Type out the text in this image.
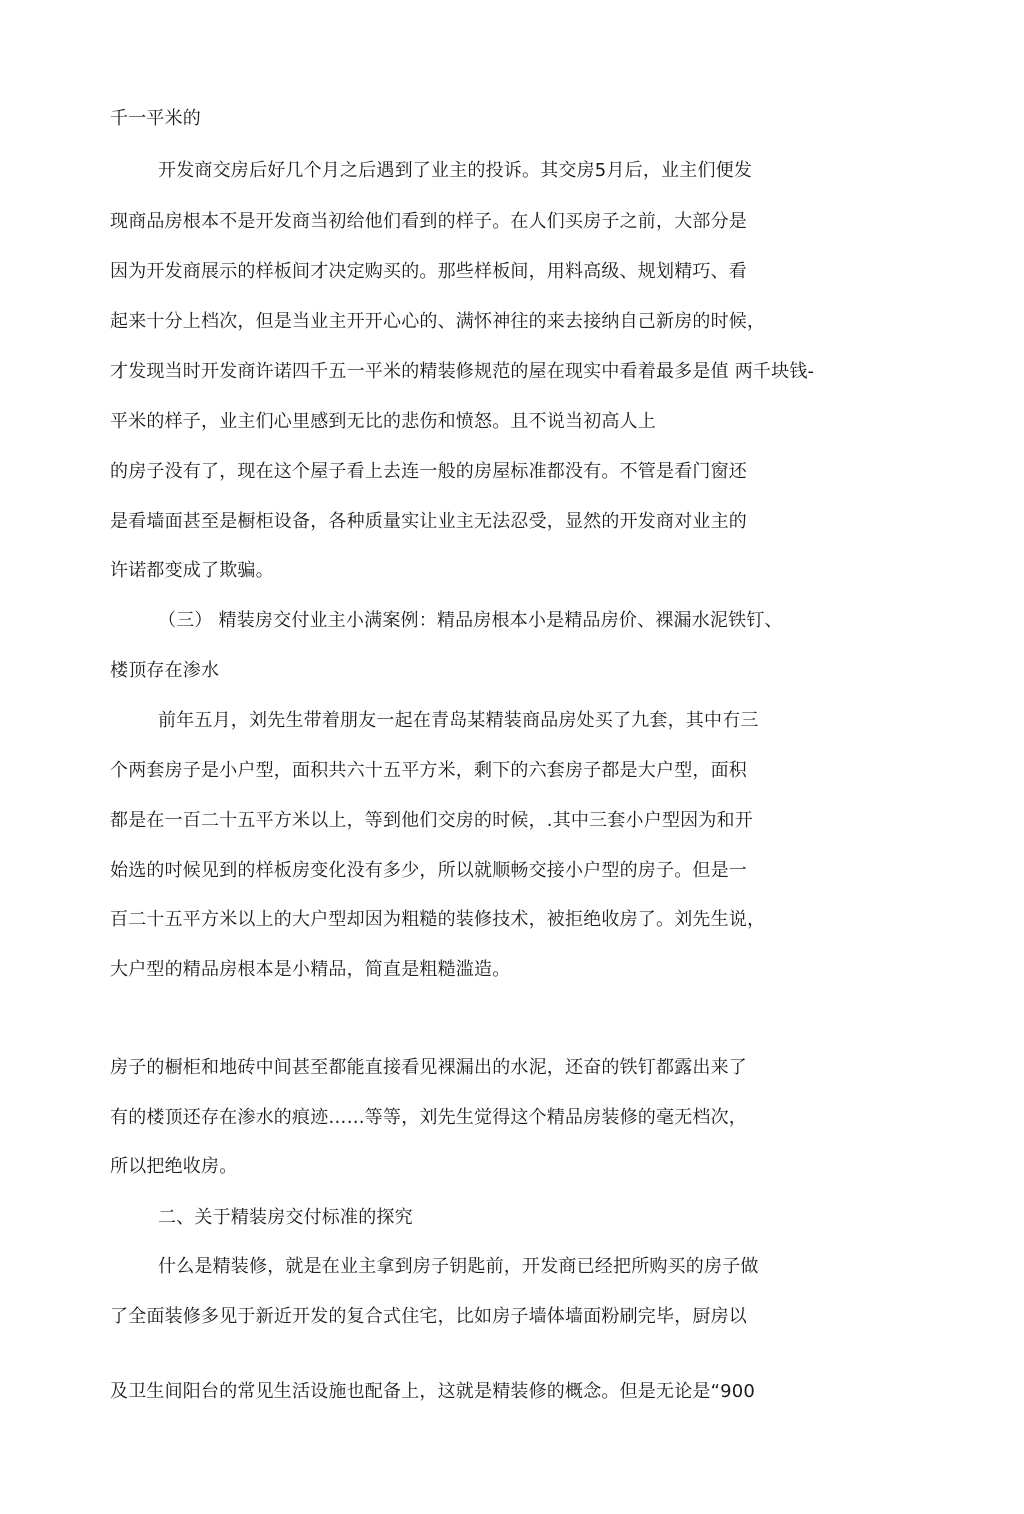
千一平米的
开发商交房后好几个月之后遇到了业主的投诉。其交房5月后，业主们便发
现商品房根本不是开发商当初给他们看到的样子。在人们买房子之前，大部分是
因为开发商展示的样板间才决定购买的。那些样板间，用料高级、规划精巧、看
起来十分上档次，但是当业主开开心心的、满怀神往的来去接纳自己新房的时候，
才发现当时开发商许诺四千五一平米的精装修规范的屋在现实中看着最多是值 两千块钱-
平米的样子，业主们心里感到无比的悲伤和愤怒。且不说当初高人上
的房子没有了，现在这个屋子看上去连一般的房屋标准都没有。不管是看门窗还
是看墙面甚至是橱柜设备，各种质量实让业主无法忍受，显然的开发商对业主的
许诺都变成了欺骗。
（三） 精装房交付业主小满案例：精品房根本小是精品房价、裸漏水泥铁钉、
楼顶存在渗水
前年五月，刘先生带着朋友一起在青岛某精装商品房处买了九套，其中冇三
个两套房子是小户型，面积共六十五平方米，剩下的六套房子都是大户型，面积
都是在一百二十五平方米以上，等到他们交房的时候，.其中三套小户型因为和开
始选的吋候见到的样板房变化没有多少，所以就顺畅交接小户型的房子。但是一
百二十五平方米以上的大户型却因为粗糙的装修技术，被拒绝收房了。刘先生说，
大户型的精品房根本是小精品，简直是粗糙滥造。
房子的橱柜和地砖中间甚至都能直接看见裸漏出的水泥，还奋的铁钉都露出来了
有的楼顶还存在渗水的痕迹……等等，刘先生觉得这个精品房装修的毫无档次，
所以把绝收房。
二、关于精装房交付标准的探究
什么是精装修，就是在业主拿到房子钥匙前，开发商已经把所购买的房子做
了全面装修多见于新近开发的复合式住宅，比如房子墙体墙面粉刷完毕，厨房以
及卫生间阳台的常见生活设施也配备上，这就是精装修的概念。但是无论是“900
